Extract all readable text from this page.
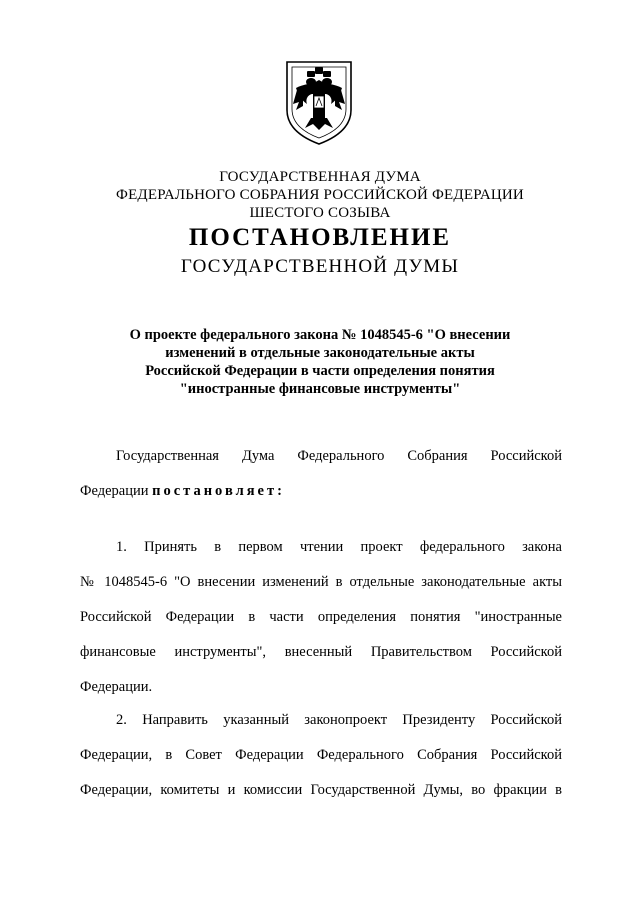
ГОСУДАРСТВЕННАЯ ДУМА
ФЕДЕРАЛЬНОГО СОБРАНИЯ РОССИЙСКОЙ ФЕДЕРАЦИИ
ШЕСТОГО СОЗЫВА
ПОСТАНОВЛЕНИЕ
ГОСУДАРСТВЕННОЙ ДУМЫ
О проекте федерального закона № 1048545-6 "О внесении
изменений в отдельные законодательные акты
Российской Федерации в части определения понятия
"иностранные финансовые инструменты"
Государственная Дума Федерального Собрания Российской
Федерации постановляет:
1. Принять в первом чтении проект федерального закона
№ 1048545-6 "О внесении изменений в отдельные законодательные акты
Российской Федерации в части определения понятия "иностранные
финансовые инструменты", внесенный Правительством Российской
Федерации.
2. Направить указанный законопроект Президенту Российской
Федерации, в Совет Федерации Федерального Собрания Российской
Федерации, комитеты и комиссии Государственной Думы, во фракции в
